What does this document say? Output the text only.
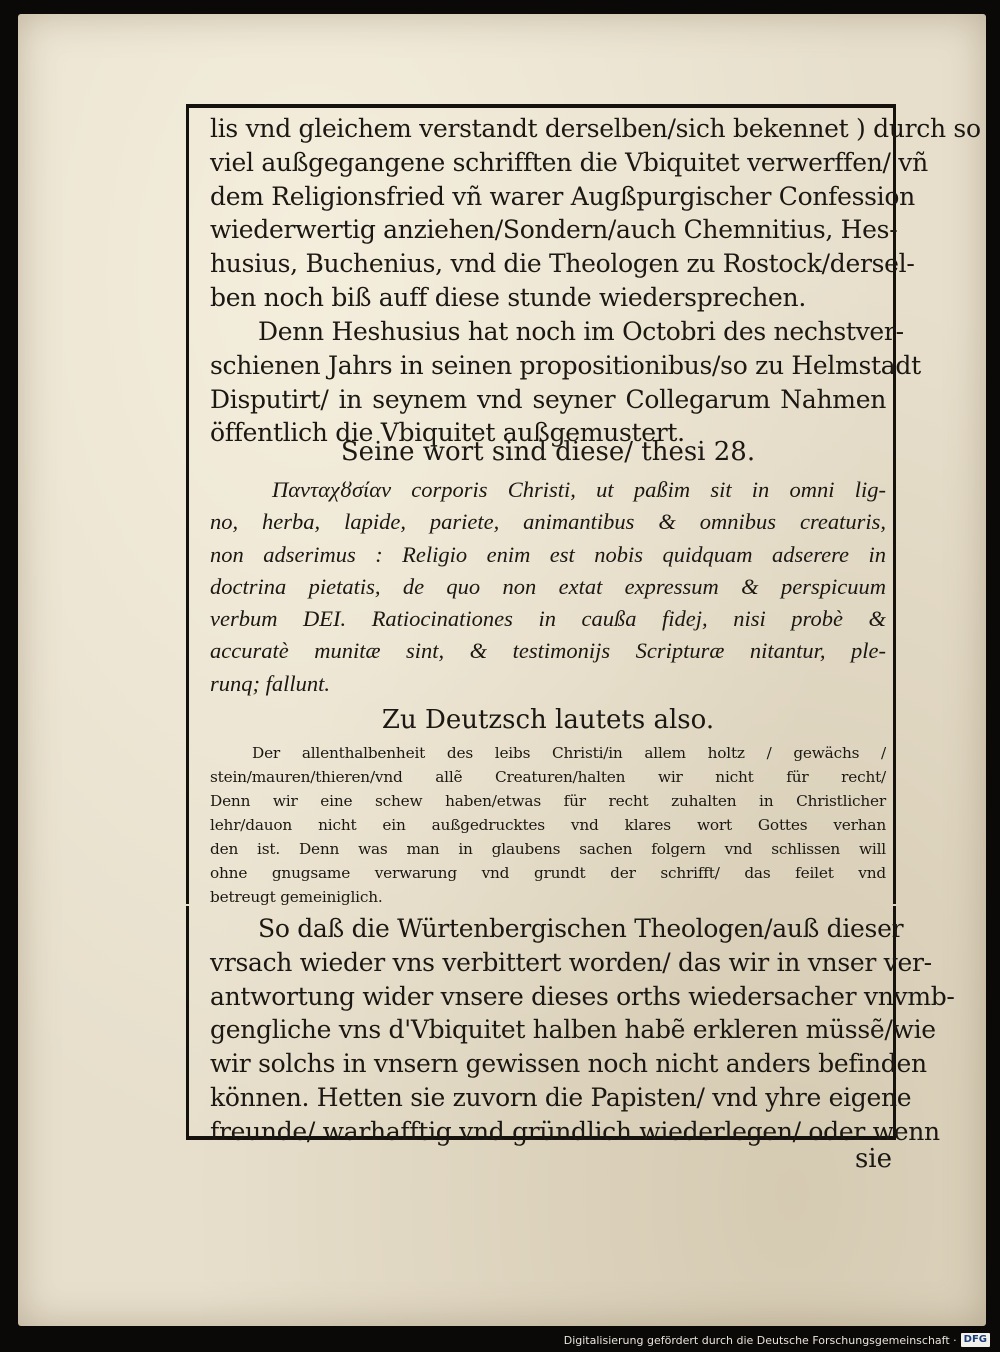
lis vnd gleichem verstandt derselben/sich bekennet ) durch so
viel außgegangene schrifften die Vbiquitet verwerffen/ vñ
dem Religionsfried vñ warer Augßpurgischer Confession
wiederwertig anziehen/Sondern/auch Chemnitius, Hes-
husius, Buchenius, vnd die Theologen zu Rostock/dersel-
ben noch biß auff diese stunde wiedersprechen.
Denn Heshusius hat noch im Octobri des nechstver-
schienen Jahrs in seinen propositionibus/so zu Helmstadt
Disputirt/ in seynem vnd seyner Collegarum Nahmen
öffentlich die Vbiquitet außgemustert.
Seine wort sind diese/ thesi 28.
Πανταχȣσίαν corporis Christi, ut paßim sit in omni lig-
no, herba, lapide, pariete, animantibus & omnibus creaturis,
non adserimus : Religio enim est nobis quidquam adserere in
doctrina pietatis, de quo non extat expressum & perspicuum
verbum DEI. Ratiocinationes in caußa fidej, nisi probè &
accuratè munitæ sint, & testimonijs Scripturæ nitantur, ple-
runq; fallunt.
Zu Deutzsch lautets also.
Der allenthalbenheit des leibs Christi/in allem holtz / gewächs /
stein/mauren/thieren/vnd allẽ Creaturen/halten wir nicht für recht/
Denn wir eine schew haben/etwas für recht zuhalten in Christlicher
lehr/dauon nicht ein außgedrucktes vnd klares wort Gottes verhan
den ist. Denn was man in glaubens sachen folgern vnd schlissen will
ohne gnugsame verwarung vnd grundt der schrifft/ das feilet vnd
betreugt gemeiniglich.
So daß die Würtenbergischen Theologen/auß dieser
vrsach wieder vns verbittert worden/ das wir in vnser ver-
antwortung wider vnsere dieses orths wiedersacher vnvmb-
gengliche vns d'Vbiquitet halben habẽ erkleren müssẽ/wie
wir solchs in vnsern gewissen noch nicht anders befinden
können. Hetten sie zuvorn die Papisten/ vnd yhre eigene
freunde/ warhafftig vnd gründlich wiederlegen/ oder wenn
sie
Digitalisierung gefördert durch die Deutsche Forschungsgemeinschaft · DFG
